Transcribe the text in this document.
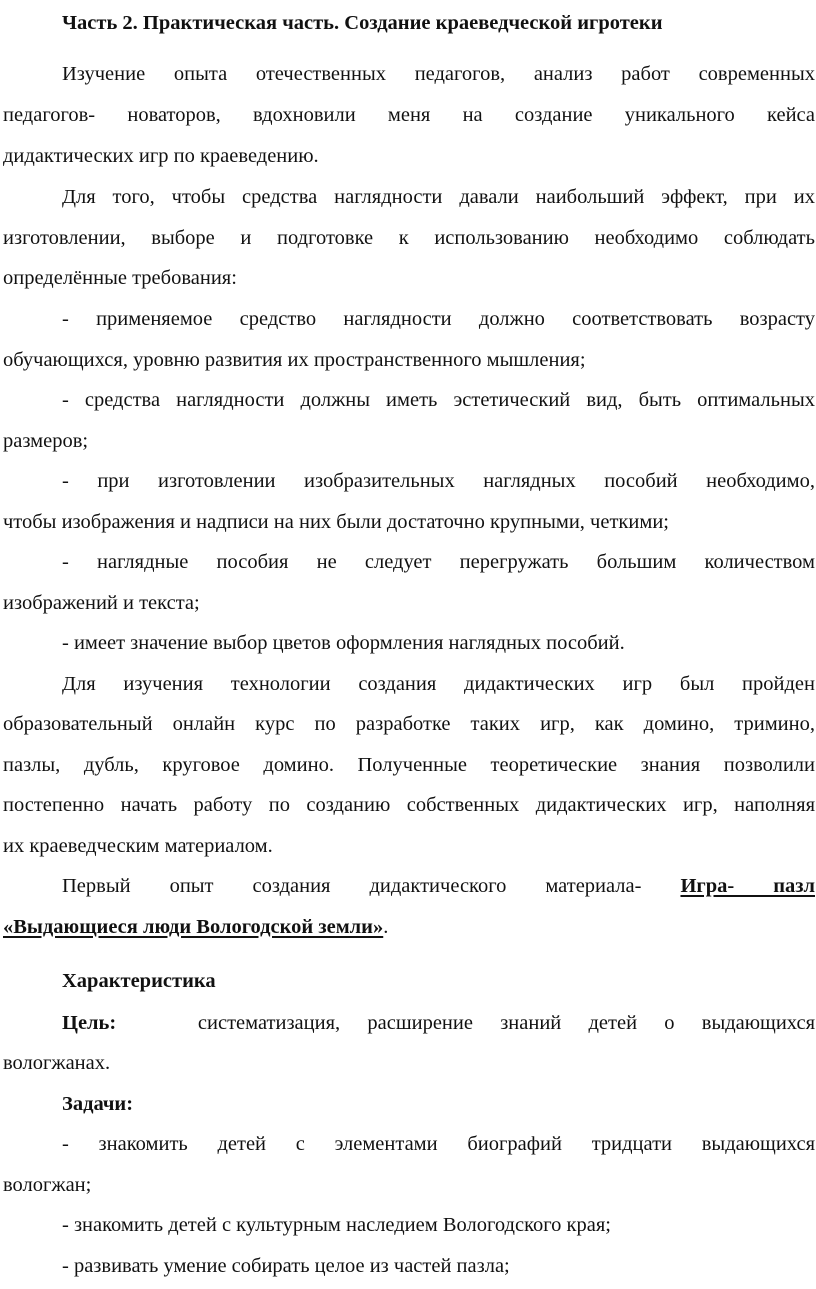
Часть 2. Практическая часть. Создание краеведческой игротеки
Изучение опыта отечественных педагогов, анализ работ современных
педагогов- новаторов, вдохновили меня на создание уникального кейса
дидактических игр по краеведению.
Для того, чтобы средства наглядности давали наибольший эффект, при их
изготовлении, выборе и подготовке к использованию необходимо соблюдать
определённые требования:
- применяемое средство наглядности должно соответствовать возрасту
обучающихся, уровню развития их пространственного мышления;
- средства наглядности должны иметь эстетический вид, быть оптимальных
размеров;
- при изготовлении изобразительных наглядных пособий необходимо,
чтобы изображения и надписи на них были достаточно крупными, четкими;
- наглядные пособия не следует перегружать большим количеством
изображений и текста;
- имеет значение выбор цветов оформления наглядных пособий.
Для изучения технологии создания дидактических игр был пройден
образовательный онлайн курс по разработке таких игр, как домино, тримино,
пазлы, дубль, круговое домино. Полученные теоретические знания позволили
постепенно начать работу по созданию собственных дидактических игр, наполняя
их краеведческим материалом.
Первый опыт создания дидактического материала- Игра- пазл
«Выдающиеся люди Вологодской земли».
Характеристика
Цель:	систематизация, расширение знаний детей о выдающихся
вологжанах.
Задачи:
- знакомить детей с элементами биографий тридцати выдающихся
вологжан;
- знакомить детей с культурным наследием Вологодского края;
- развивать умение собирать целое из частей пазла;
